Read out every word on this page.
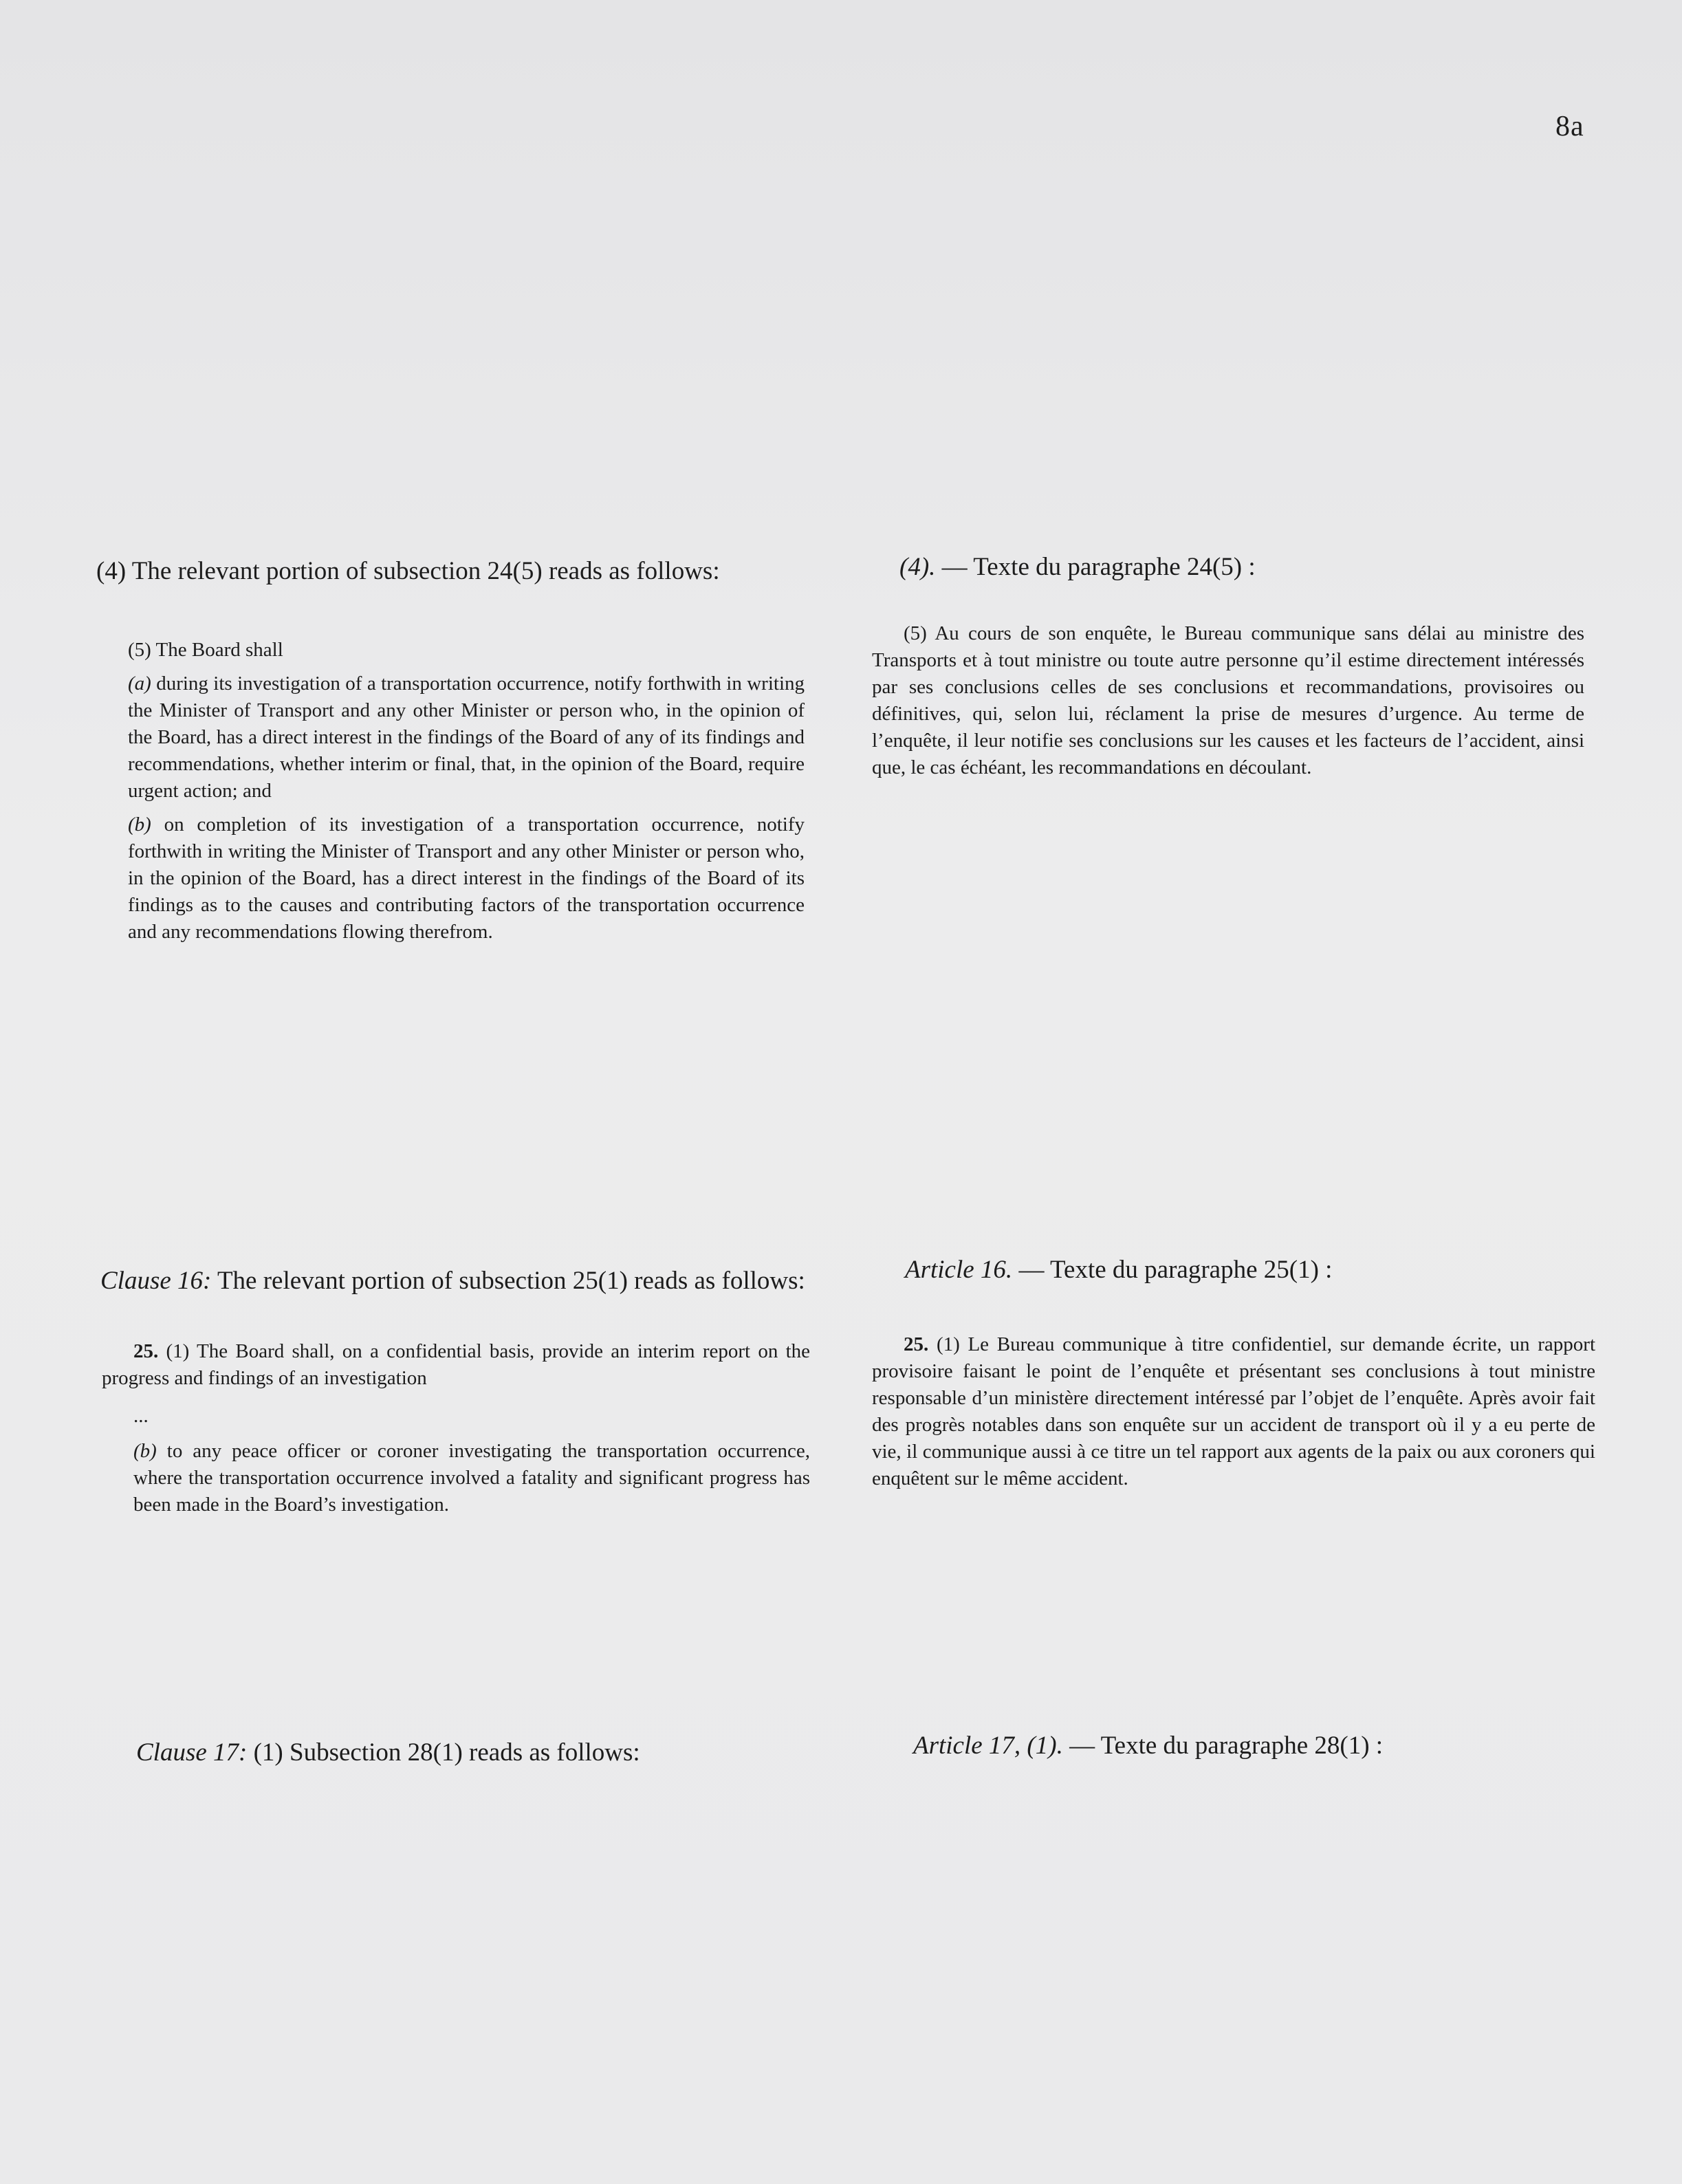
8a
(4) The relevant portion of subsection 24(5) reads as follows:

(5) The Board shall

(a) during its investigation of a transportation occurrence, notify forthwith in writing the Minister of Transport and any other Minister or person who, in the opinion of the Board, has a direct interest in the findings of the Board of any of its findings and recommendations, whether interim or final, that, in the opinion of the Board, require urgent action; and

(b) on completion of its investigation of a transportation occurrence, notify forthwith in writing the Minister of Transport and any other Minister or person who, in the opinion of the Board, has a direct interest in the findings of the Board of its findings as to the causes and contributing factors of the transportation occurrence and any recommendations flowing therefrom.

(4). — Texte du paragraphe 24(5) :
(5) Au cours de son enquête, le Bureau communique sans délai au ministre des Transports et à tout ministre ou toute autre personne qu’il estime directement intéressés par ses conclusions celles de ses conclusions et recommandations, provisoires ou définitives, qui, selon lui, réclament la prise de mesures d’urgence. Au terme de l’enquête, il leur notifie ses conclusions sur les causes et les facteurs de l’accident, ainsi que, le cas échéant, les recommandations en découlant.
Clause 16: The relevant portion of subsection 25(1) reads as follows:

25. (1) The Board shall, on a confidential basis, provide an interim report on the progress and findings of an investigation

...

(b) to any peace officer or coroner investigating the transportation occurrence, where the transportation occurrence involved a fatality and significant progress has been made in the Board’s investigation.

Article 16. — Texte du paragraphe 25(1) :
25. (1) Le Bureau communique à titre confidentiel, sur demande écrite, un rapport provisoire faisant le point de l’enquête et présentant ses conclusions à tout ministre responsable d’un ministère directement intéressé par l’objet de l’enquête. Après avoir fait des progrès notables dans son enquête sur un accident de transport où il y a eu perte de vie, il communique aussi à ce titre un tel rapport aux agents de la paix ou aux coroners qui enquêtent sur le même accident.
Clause 17: (1) Subsection 28(1) reads as follows:	Article 17, (1). — Texte du paragraphe 28(1) :
